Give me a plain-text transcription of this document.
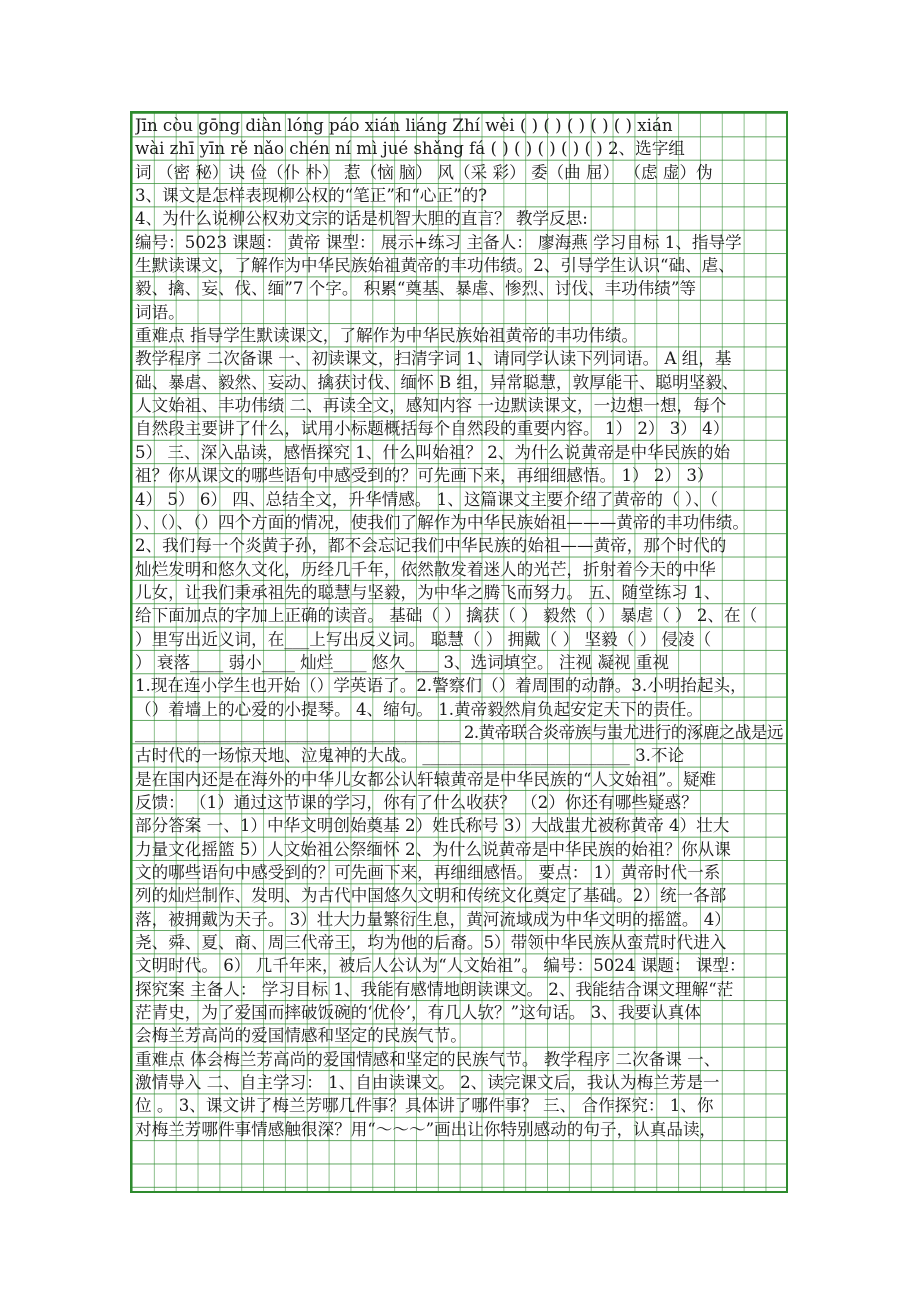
Jīn còu gōng diàn lóng páo xián liáng Zhí wèi ( ) ( ) ( ) ( ) ( ) xián
wài zhī yīn rě nǎo chén ní mì jué shǎng fá ( ) ( ) ( ) ( ) ( ) 2、选字组
词 （密 秘）诀 俭（仆 朴） 惹（恼 脑） 风（采 彩） 委（曲 屈） （虑 虚）伪
3、课文是怎样表现柳公权的“笔正”和“心正”的?
4、为什么说柳公权劝文宗的话是机智大胆的直言？ 教学反思:
编号：5023 课题： 黄帝 课型： 展示+练习 主备人： 廖海燕 学习目标 1、指导学
生默读课文，了解作为中华民族始祖黄帝的丰功伟绩。2、引导学生认识“础、虐、
毅、擒、妄、伐、缅”7 个字。 积累“奠基、暴虐、惨烈、讨伐、丰功伟绩”等
词语。
重难点 指导学生默读课文，了解作为中华民族始祖黄帝的丰功伟绩。
教学程序 二次备课 一、初读课文，扫清字词 1、请同学认读下列词语。 A 组，基
础、暴虐、毅然、妄动、擒获讨伐、缅怀 B 组，异常聪慧，敦厚能干、聪明坚毅、
人文始祖、丰功伟绩 二、再读全文，感知内容 一边默读课文，一边想一想，每个
自然段主要讲了什么，试用小标题概括每个自然段的重要内容。 1） 2） 3） 4）
5） 三、深入品读，感悟探究 1、什么叫始祖？ 2、为什么说黄帝是中华民族的始
祖？你从课文的哪些语句中感受到的？可先画下来，再细细感悟。 1） 2） 3）
4） 5） 6） 四、总结全文，升华情感。 1、这篇课文主要介绍了黄帝的（ ）、（
）、（）、（）四个方面的情况，使我们了解作为中华民族始祖———黄帝的丰功伟绩。
2、我们每一个炎黄子孙，都不会忘记我们中华民族的始祖——黄帝，那个时代的
灿烂发明和悠久文化，历经几千年，依然散发着迷人的光芒，折射着今天的中华
儿女，让我们秉承祖先的聪慧与坚毅，为中华之腾飞而努力。 五、随堂练习 1、
给下面加点的字加上正确的读音。 基础（ ） 擒获（ ） 毅然（ ） 暴虐（ ） 2、在（
）里写出近义词，在___上写出反义词。 聪慧（ ） 拥戴（ ） 坚毅（ ） 侵凌（
） 衰落____ 弱小____ 灿烂____ 悠久____ 3、选词填空。 注视 凝视 重视
1.现在连小学生也开始（）学英语了。2.警察们（）着周围的动静。3.小明抬起头，
（）着墙上的心爱的小提琴。 4、缩句。 1.黄帝毅然肩负起安定天下的责任。
__________________________________________ 2.黄帝联合炎帝族与蚩尤进行的涿鹿之战是远
古时代的一场惊天地、泣鬼神的大战。 _________________________ 3.不论
是在国内还是在海外的中华儿女都公认轩辕黄帝是中华民族的“人文始祖”。疑难
反馈： （1）通过这节课的学习，你有了什么收获？ （2）你还有哪些疑惑？
部分答案 一、1）中华文明创始奠基 2）姓氏称号 3）大战蚩尤被称黄帝 4）壮大
力量文化摇篮 5）人文始祖公祭缅怀 2、为什么说黄帝是中华民族的始祖？你从课
文的哪些语句中感受到的？可先画下来，再细细感悟。 要点： 1）黄帝时代一系
列的灿烂制作、发明、为古代中国悠久文明和传统文化奠定了基础。2）统一各部
落，被拥戴为天子。 3）壮大力量繁衍生息，黄河流域成为中华文明的摇篮。 4）
尧、舜、夏、商、周三代帝王，均为他的后裔。5）带领中华民族从蛮荒时代进入
文明时代。 6） 几千年来，被后人公认为“人文始祖”。 编号：5024 课题： 课型：
探究案 主备人： 学习目标 1、我能有感情地朗读课文。 2、我能结合课文理解“茫
茫青史，为了爱国而摔破饭碗的‘优伶’，有几人欤？”这句话。 3、我要认真体
会梅兰芳高尚的爱国情感和坚定的民族气节。
重难点 体会梅兰芳高尚的爱国情感和坚定的民族气节。 教学程序 二次备课 一、
激情导入 二、自主学习： 1、自由读课文。 2、读完课文后，我认为梅兰芳是一
位 。 3、课文讲了梅兰芳哪几件事？具体讲了哪件事？ 三、 合作探究： 1、你
对梅兰芳哪件事情感触很深？用“～～～”画出让你特别感动的句子，认真品读，
